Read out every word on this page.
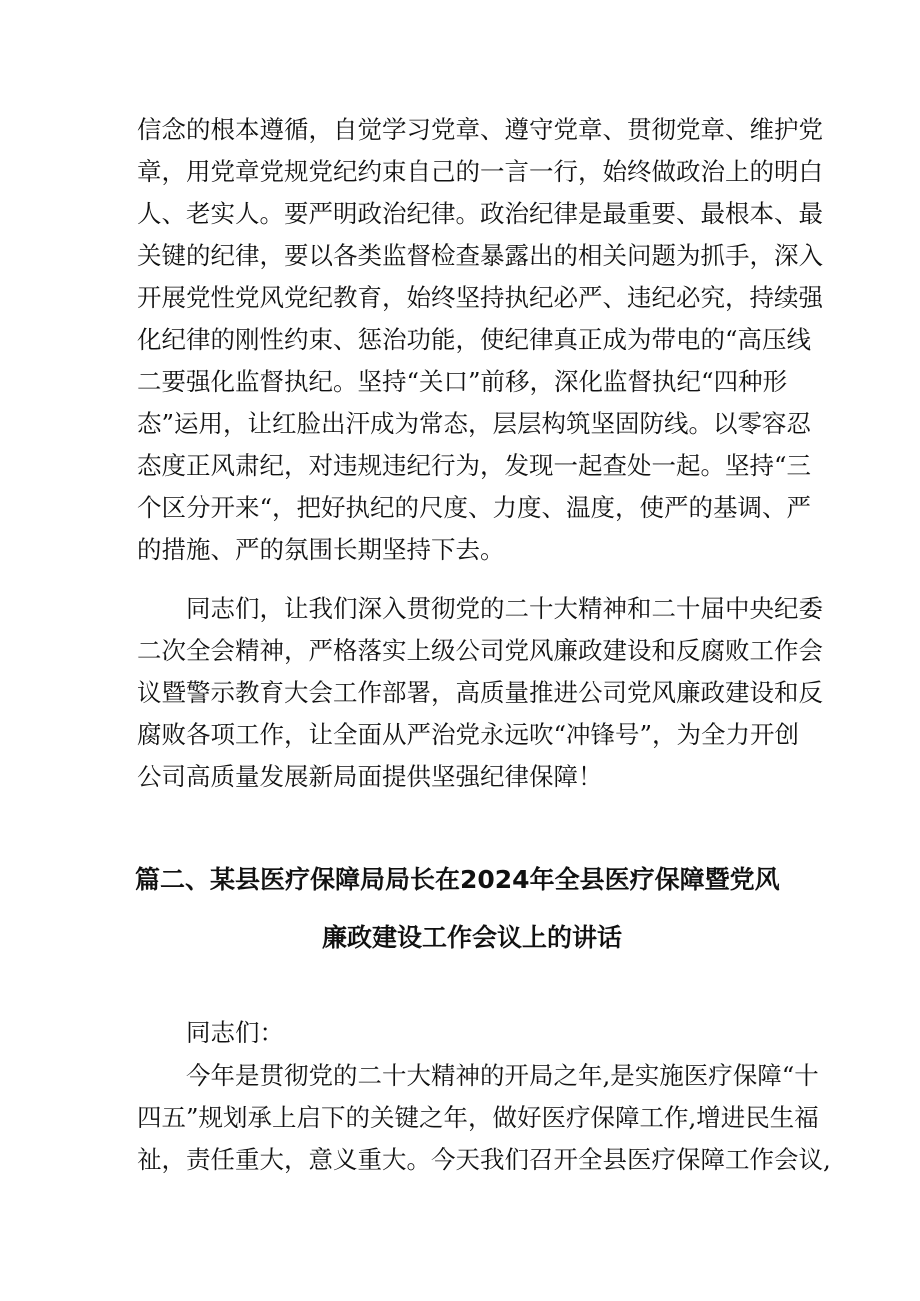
信念的根本遵循，自觉学习党章、遵守党章、贯彻党章、维护党
章，用党章党规党纪约束自己的一言一行，始终做政治上的明白
人、老实人。要严明政治纪律。政治纪律是最重要、最根本、最
关键的纪律，要以各类监督检查暴露出的相关问题为抓手，深入
开展党性党风党纪教育，始终坚持执纪必严、违纪必究，持续强
化纪律的刚性约束、惩治功能，使纪律真正成为带电的“高压线
二要强化监督执纪。坚持“关口”前移，深化监督执纪“四种形
态”运用，让红脸出汗成为常态，层层构筑坚固防线。以零容忍
态度正风肃纪，对违规违纪行为，发现一起查处一起。坚持“三
个区分开来“，把好执纪的尺度、力度、温度，使严的基调、严
的措施、严的氛围长期坚持下去。
　　同志们，让我们深入贯彻党的二十大精神和二十届中央纪委
二次全会精神，严格落实上级公司党风廉政建设和反腐败工作会
议暨警示教育大会工作部署，高质量推进公司党风廉政建设和反
腐败各项工作，让全面从严治党永远吹“冲锋号”，为全力开创
公司高质量发展新局面提供坚强纪律保障！
篇二、某县医疗保障局局长在2024年全县医疗保障暨党风
廉政建设工作会议上的讲话
　　同志们：
　　今年是贯彻党的二十大精神的开局之年,是实施医疗保障“十
四五”规划承上启下的关键之年，做好医疗保障工作,增进民生福
祉，责任重大，意义重大。今天我们召开全县医疗保障工作会议,
